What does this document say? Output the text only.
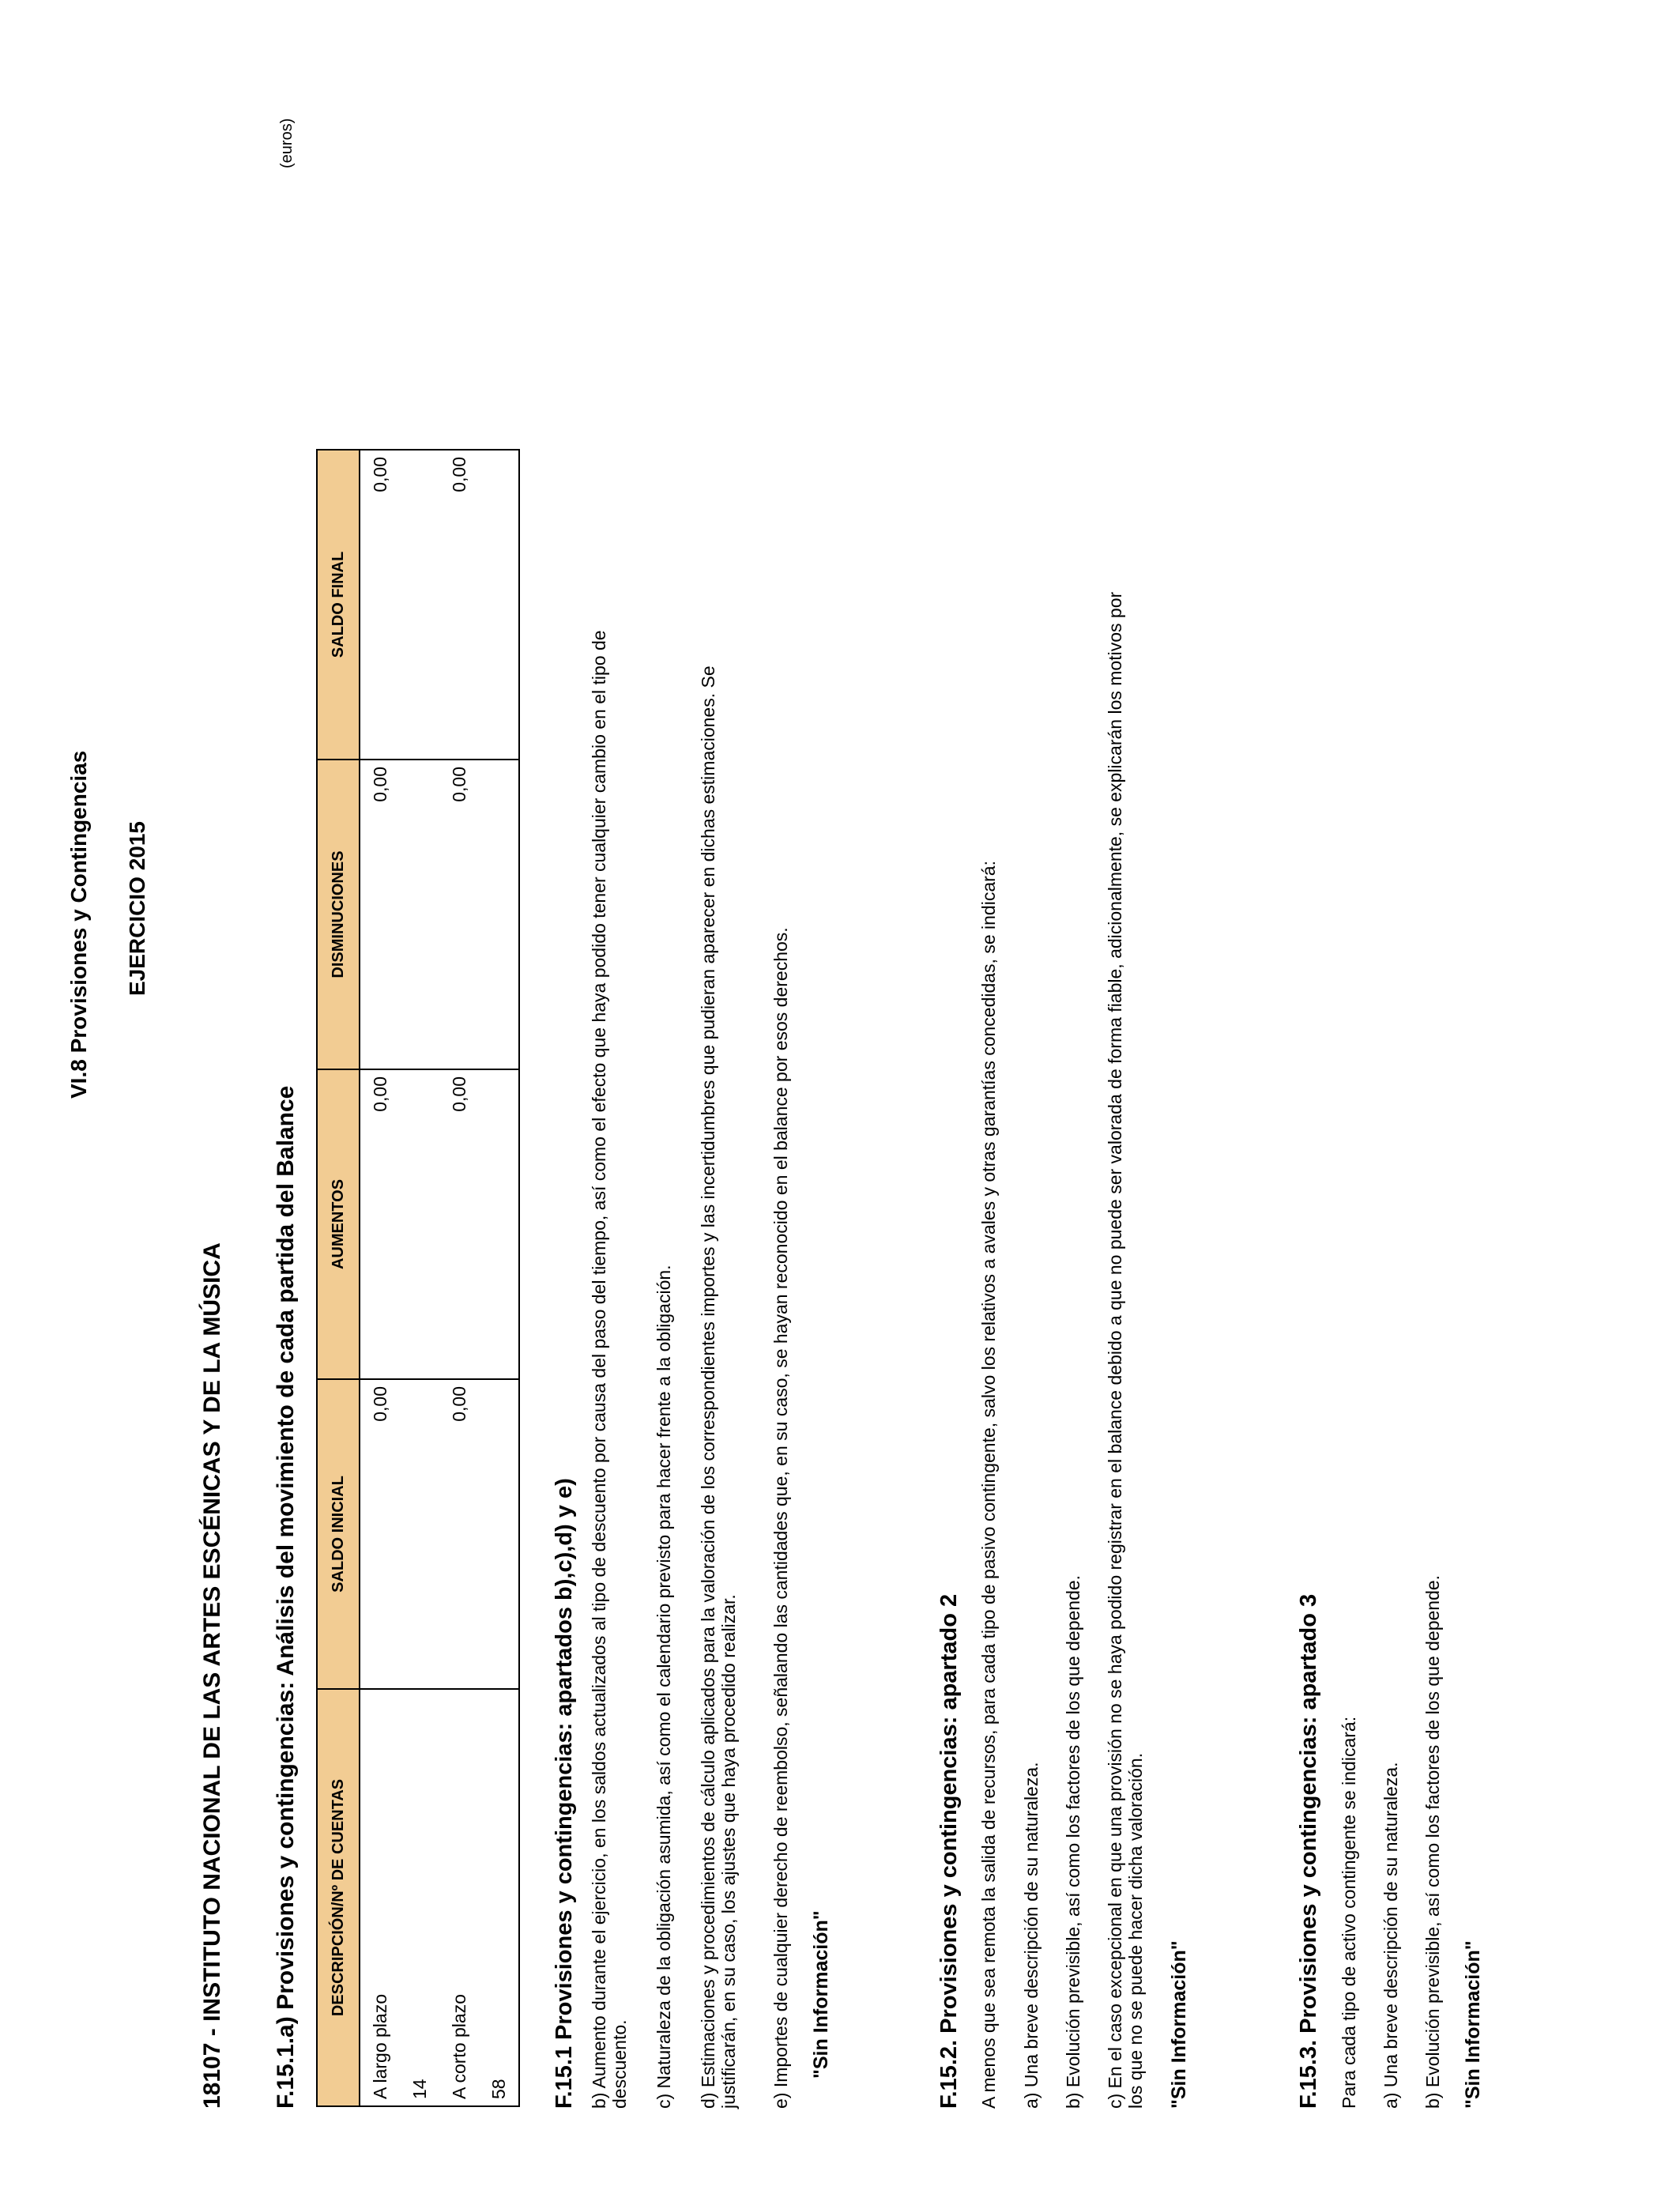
VI.8 Provisiones y Contingencias EJERCICIO 2015
18107 - INSTITUTO NACIONAL DE LAS ARTES ESCÉNICAS Y DE LA MÚSICA F.15.1.a) Provisiones y contingencias: Análisis del movimiento de cada partida del Balance
(euros)
DESCRIPCIÓN/Nº DE CUENTAS	SALDO INICIAL	AUMENTOS	DISMINUCIONES	SALDO FINAL
A largo plazo	0,00	0,00	0,00	0,00
14				
A corto plazo	0,00	0,00	0,00	0,00
58				F.15.1 Provisiones y contingencias: apartados b),c),d) y e) b) Aumento durante el ejercicio, en los saldos actualizados al tipo de descuento por causa del paso del tiempo, así como el efecto que haya podido tener cualquier cambio en el tipo de descuento. c) Naturaleza de la obligación asumida, así como el calendario previsto para hacer frente a la obligación. d) Estimaciones y procedimientos de cálculo aplicados para la valoración de los correspondientes importes y las incertidumbres que pudieran aparecer en dichas estimaciones. Se justificarán, en su caso, los ajustes que haya procedido realizar. e) Importes de cualquier derecho de reembolso, señalando las cantidades que, en su caso, se hayan reconocido en el balance por esos derechos. "Sin Información"	F.15.2. Provisiones y contingencias: apartado 2 A menos que sea remota la salida de recursos, para cada tipo de pasivo contingente, salvo los relativos a avales y otras garantías concedidas, se indicará: a) Una breve descripción de su naturaleza. b) Evolución previsible, así como los factores de los que depende. c) En el caso excepcional en que una provisión no se haya podido registrar en el balance debido a que no puede ser valorada de forma fiable, adicionalmente, se explicarán los motivos por los que no se puede hacer dicha valoración. "Sin Información"	F.15.3. Provisiones y contingencias: apartado 3 Para cada tipo de activo contingente se indicará: a) Una breve descripción de su naturaleza. b) Evolución previsible, así como los factores de los que depende. "Sin Información"
